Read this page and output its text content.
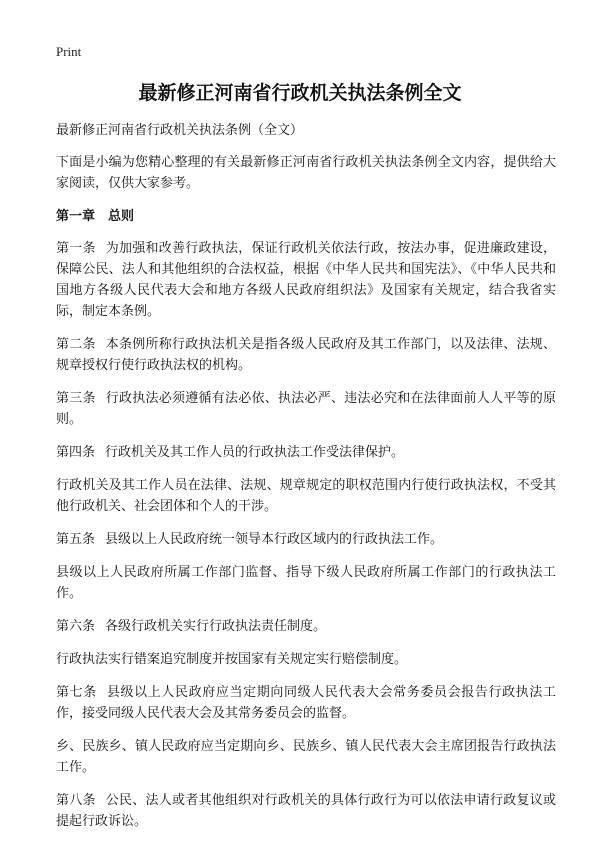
Print
最新修正河南省行政机关执法条例全文

最新修正河南省行政机关执法条例（全文）

下面是小编为您精心整理的有关最新修正河南省行政机关执法条例全文内容，提供给大家阅读，仅供大家参考。

第一章　总则

第一条 为加强和改善行政执法，保证行政机关依法行政，按法办事，促进廉政建设，保障公民、法人和其他组织的合法权益，根据《中华人民共和国宪法》、《中华人民共和国地方各级人民代表大会和地方各级人民政府组织法》及国家有关规定，结合我省实际，制定本条例。

第二条 本条例所称行政执法机关是指各级人民政府及其工作部门，以及法律、法规、规章授权行使行政执法权的机构。

第三条 行政执法必须遵循有法必依、执法必严、违法必究和在法律面前人人平等的原则。

第四条 行政机关及其工作人员的行政执法工作受法律保护。

行政机关及其工作人员在法律、法规、规章规定的职权范围内行使行政执法权，不受其他行政机关、社会团体和个人的干涉。

第五条 县级以上人民政府统一领导本行政区域内的行政执法工作。

县级以上人民政府所属工作部门监督、指导下级人民政府所属工作部门的行政执法工作。

第六条 各级行政机关实行行政执法责任制度。

行政执法实行错案追究制度并按国家有关规定实行赔偿制度。

第七条 县级以上人民政府应当定期向同级人民代表大会常务委员会报告行政执法工作，接受同级人民代表大会及其常务委员会的监督。

乡、民族乡、镇人民政府应当定期向乡、民族乡、镇人民代表大会主席团报告行政执法工作。

第八条 公民、法人或者其他组织对行政机关的具体行政行为可以依法申请行政复议或提起行政诉讼。
